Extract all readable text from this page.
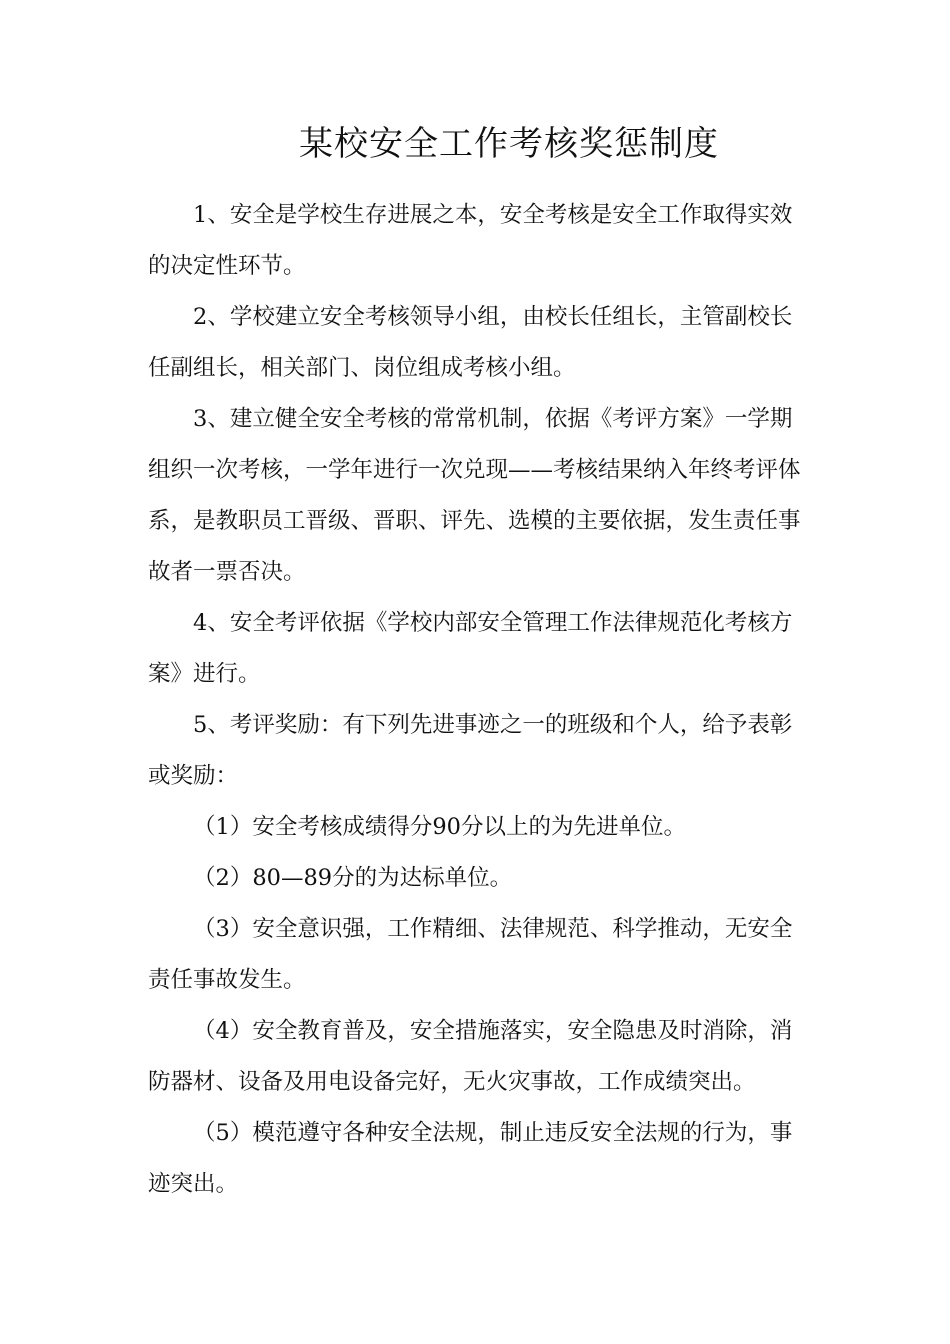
某校安全工作考核奖惩制度

1、安全是学校生存进展之本，安全考核是安全工作取得实效
的决定性环节。

2、学校建立安全考核领导小组，由校长任组长，主管副校长
任副组长，相关部门、岗位组成考核小组。

3、建立健全安全考核的常常机制，依据《考评方案》一学期
组织一次考核，一学年进行一次兑现——考核结果纳入年终考评体
系，是教职员工晋级、晋职、评先、选模的主要依据，发生责任事
故者一票否决。

4、安全考评依据《学校内部安全管理工作法律规范化考核方
案》进行。

5、考评奖励：有下列先进事迹之一的班级和个人，给予表彰
或奖励：

（1）安全考核成绩得分90分以上的为先进单位。

（2）80—89分的为达标单位。

（3）安全意识强，工作精细、法律规范、科学推动，无安全
责任事故发生。

（4）安全教育普及，安全措施落实，安全隐患及时消除，消
防器材、设备及用电设备完好，无火灾事故，工作成绩突出。

（5）模范遵守各种安全法规，制止违反安全法规的行为，事
迹突出。
